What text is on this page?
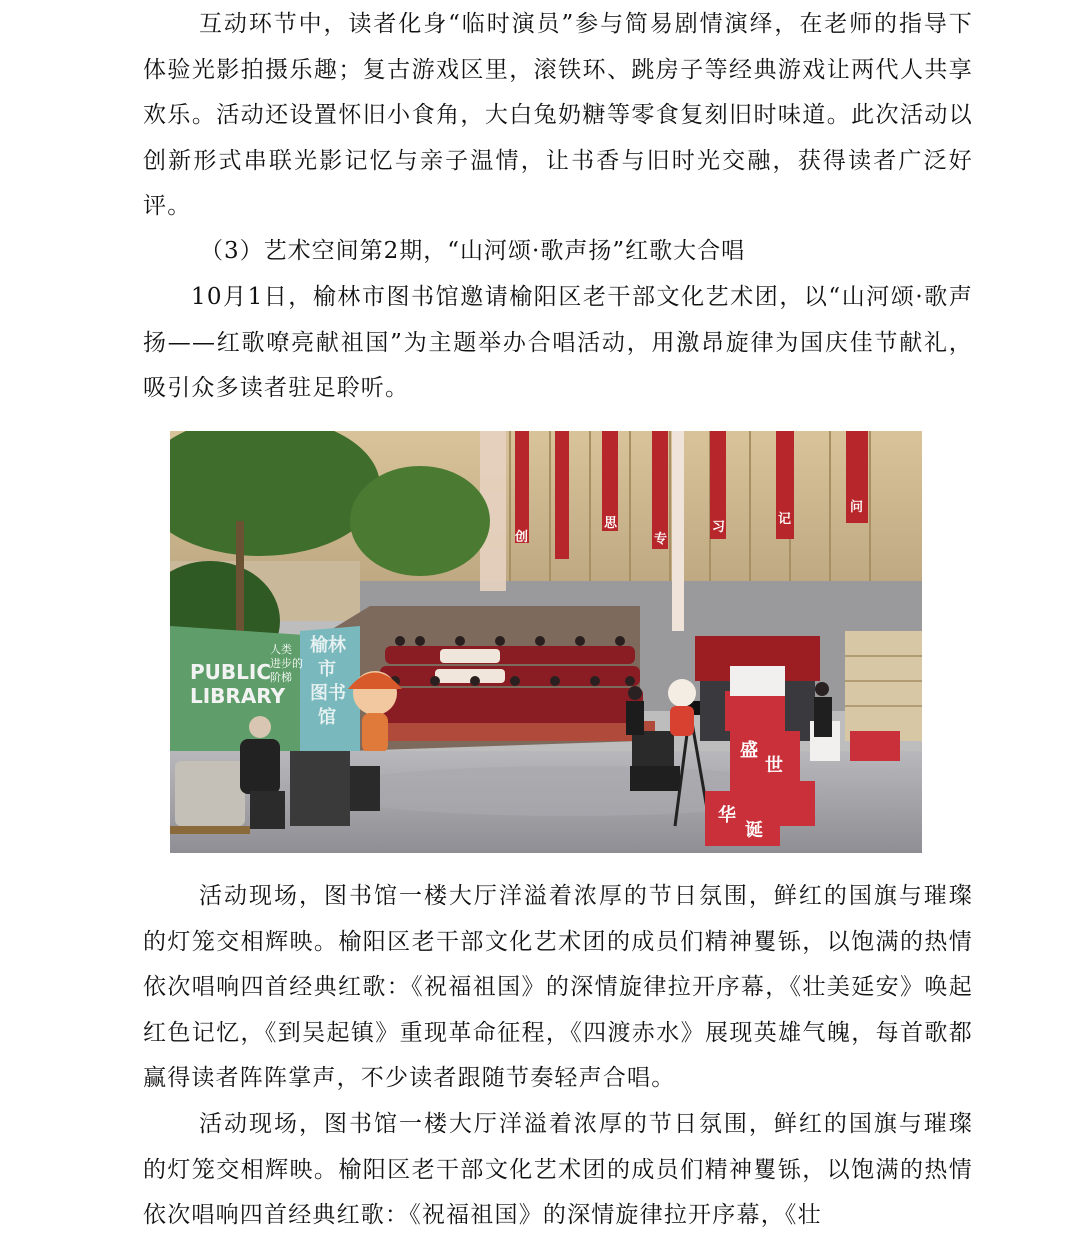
互动环节中，读者化身“临时演员”参与简易剧情演绎，在老师的指导下体验光影拍摄乐趣；复古游戏区里，滚铁环、跳房子等经典游戏让两代人共享欢乐。活动还设置怀旧小食角，大白兔奶糖等零食复刻旧时味道。此次活动以创新形式串联光影记忆与亲子温情，让书香与旧时光交融，获得读者广泛好评。

（3）艺术空间第2期，“山河颂·歌声扬”红歌大合唱

10月1日，榆林市图书馆邀请榆阳区老干部文化艺术团，以“山河颂·歌声扬——红歌嘹亮献祖国”为主题举办合唱活动，用激昂旋律为国庆佳节献礼，吸引众多读者驻足聆听。

创
思
专
习
记
问
PUBLIC
LIBRARY
人类
进步的
阶梯
榆林
市
图书
馆
盛
世
华
诞

活动现场，图书馆一楼大厅洋溢着浓厚的节日氛围，鲜红的国旗与璀璨的灯笼交相辉映。榆阳区老干部文化艺术团的成员们精神矍铄，以饱满的热情依次唱响四首经典红歌：《祝福祖国》的深情旋律拉开序幕，《壮美延安》唤起红色记忆，《到吴起镇》重现革命征程，《四渡赤水》展现英雄气魄，每首歌都赢得读者阵阵掌声，不少读者跟随节奏轻声合唱。

活动现场，图书馆一楼大厅洋溢着浓厚的节日氛围，鲜红的国旗与璀璨的灯笼交相辉映。榆阳区老干部文化艺术团的成员们精神矍铄，以饱满的热情依次唱响四首经典红歌：《祝福祖国》的深情旋律拉开序幕，《壮
